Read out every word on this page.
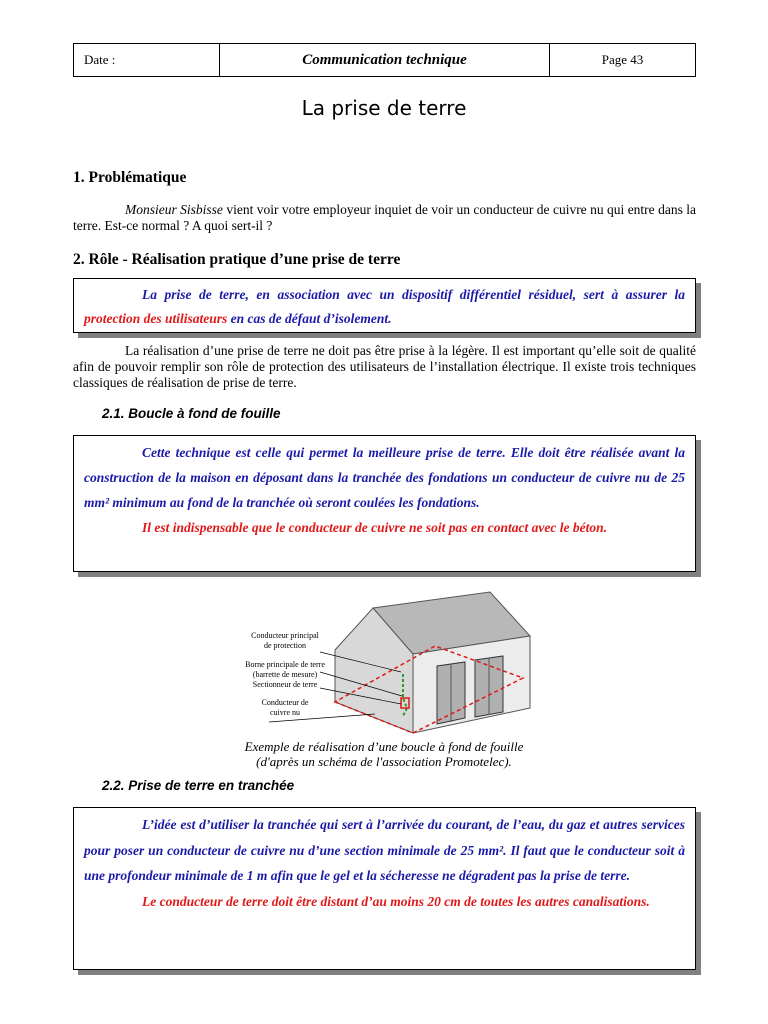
Date :	Communication technique	Page 43
La prise de terre
1. Problématique
Monsieur Sisbisse vient voir votre employeur inquiet de voir un conducteur de cuivre nu qui entre dans la terre. Est-ce normal ? A quoi sert-il ?
2. Rôle - Réalisation pratique d’une prise de terre

La prise de terre, en association avec un dispositif différentiel résiduel, sert à assurer la protection des utilisateurs en cas de défaut d’isolement.

La réalisation d’une prise de terre ne doit pas être prise à la légère. Il est important qu’elle soit de qualité afin de pouvoir remplir son rôle de protection des utilisateurs de l’installation électrique. Il existe trois techniques classiques de réalisation de prise de terre.
2.1. Boucle à fond de fouille

Cette technique est celle qui permet la meilleure prise de terre. Elle doit être réalisée avant la construction de la maison en déposant dans la tranchée des fondations un conducteur de cuivre nu de 25 mm² minimum au fond de la tranchée où seront coulées les fondations.

Il est indispensable que le conducteur de cuivre ne soit pas en contact avec le béton.

Conducteur principal
de protection
Borne principale de terre
(barrette de mesure)
Sectionneur de terre
Conducteur de
cuivre nu
Exemple de réalisation d’une boucle à fond de fouille
(d'après un schéma de l'association Promotelec).
2.2. Prise de terre en tranchée

L’idée est d’utiliser la tranchée qui sert à l’arrivée du courant, de l’eau, du gaz et autres services pour poser un conducteur de cuivre nu d’une section minimale de 25 mm². Il faut que le conducteur soit à une profondeur minimale de 1 m afin que le gel et la sécheresse ne dégradent pas la prise de terre.

Le conducteur de terre doit être distant d’au moins 20 cm de toutes les autres canalisations.
